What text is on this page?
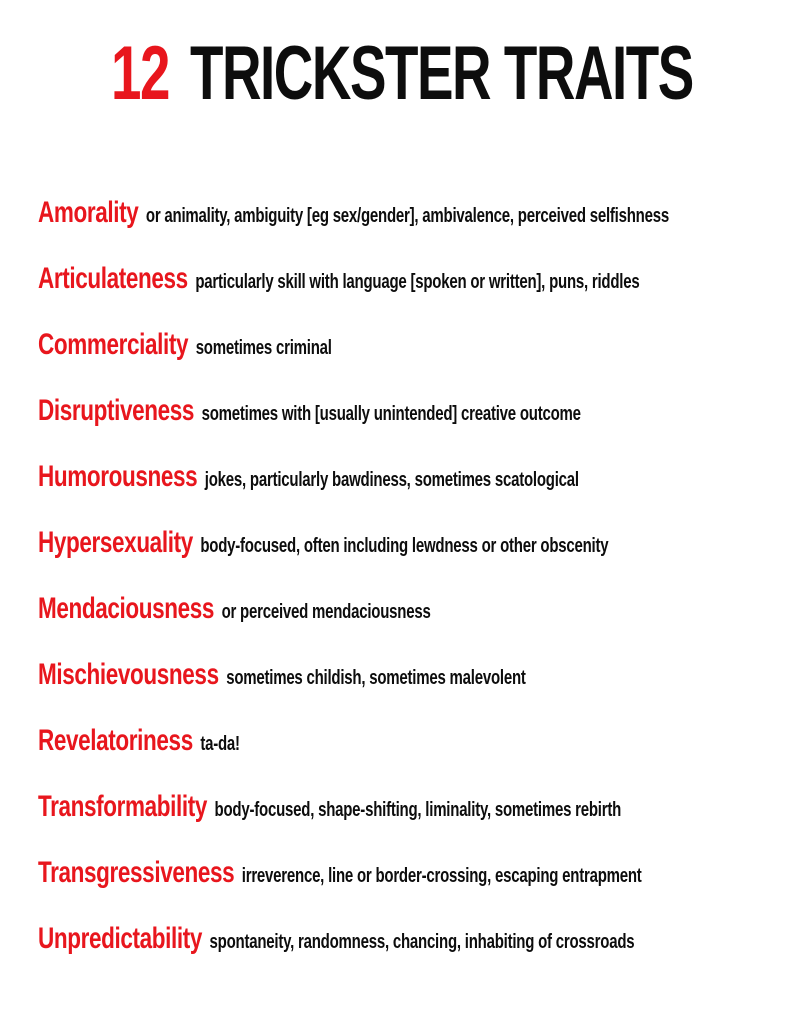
12 TRICKSTER TRAITS
Amorality or animality, ambiguity [eg sex/gender], ambivalence, perceived selfishness
Articulateness particularly skill with language [spoken or written], puns, riddles
Commerciality sometimes criminal
Disruptiveness sometimes with [usually unintended] creative outcome
Humorousness jokes, particularly bawdiness, sometimes scatological
Hypersexuality body-focused, often including lewdness or other obscenity
Mendaciousness or perceived mendaciousness
Mischievousness sometimes childish, sometimes malevolent
Revelatoriness ta-da!
Transformability body-focused, shape-shifting, liminality, sometimes rebirth
Transgressiveness irreverence, line or border-crossing, escaping entrapment
Unpredictability spontaneity, randomness, chancing, inhabiting of crossroads
